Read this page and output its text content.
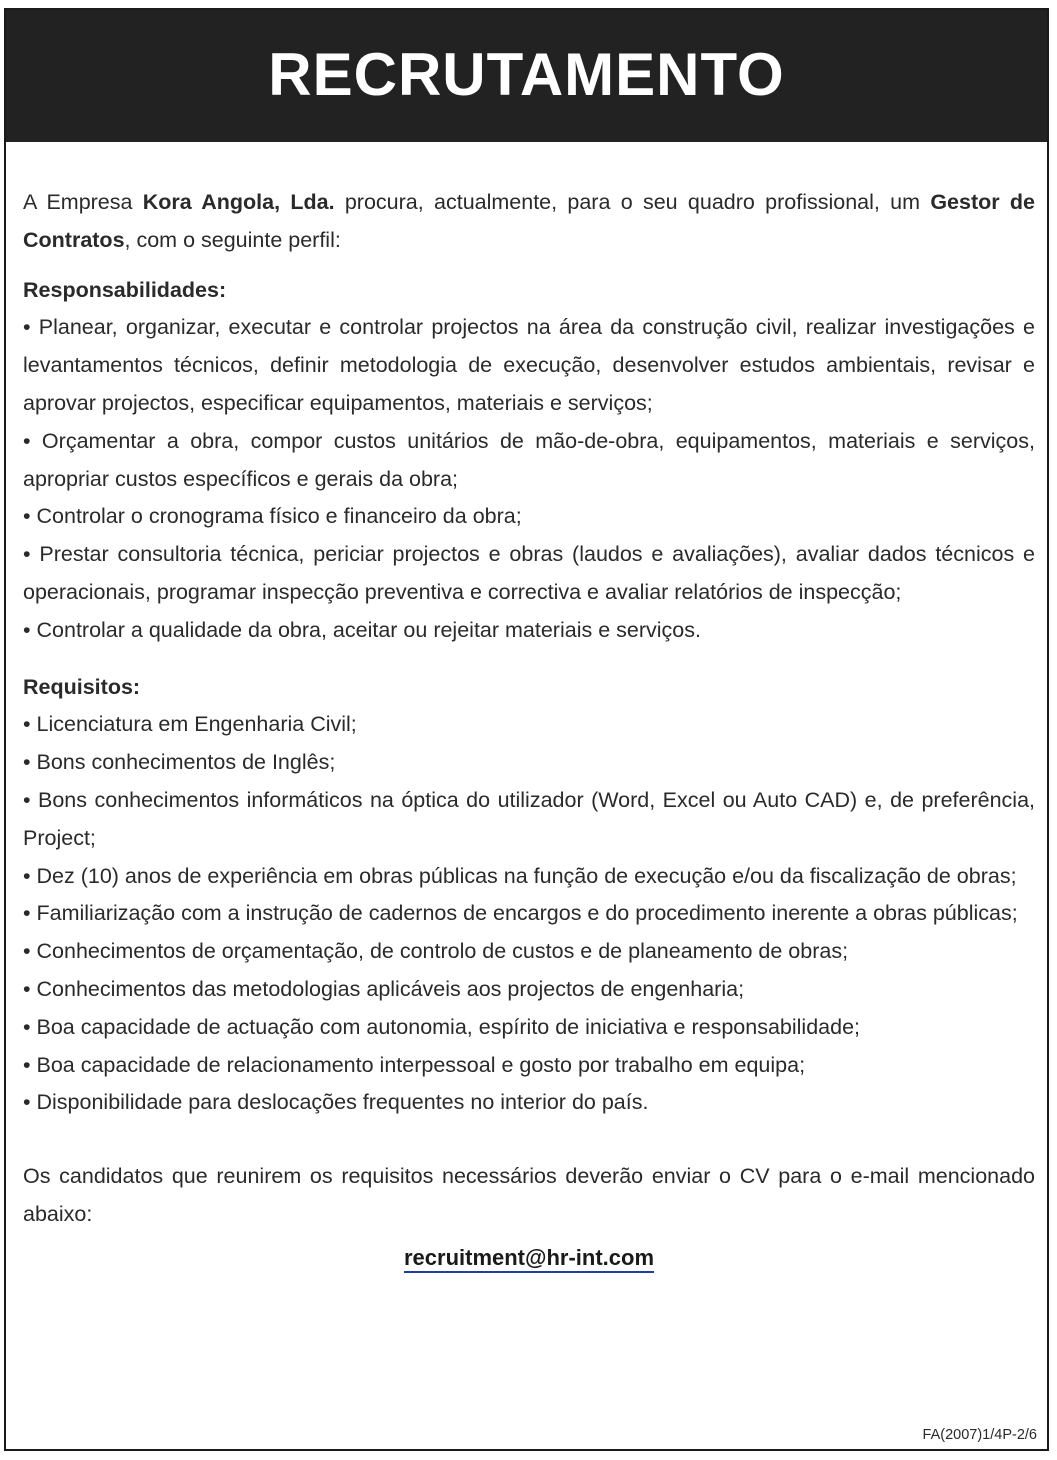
RECRUTAMENTO

A Empresa Kora Angola, Lda. procura, actualmente, para o seu quadro profissional, um Gestor de Contratos, com o seguinte perfil:

Responsabilidades:

• Planear, organizar, executar e controlar projectos na área da construção civil, realizar investigações e levantamentos técnicos, definir metodologia de execução, desenvolver estudos ambientais, revisar e aprovar projectos, especificar equipamentos, materiais e serviços;

• Orçamentar a obra, compor custos unitários de mão-de-obra, equipamentos, materiais e serviços, apropriar custos específicos e gerais da obra;

• Controlar o cronograma físico e financeiro da obra;

• Prestar consultoria técnica, periciar projectos e obras (laudos e avaliações), avaliar dados técnicos e operacionais, programar inspecção preventiva e correctiva e avaliar relatórios de inspecção;

• Controlar a qualidade da obra, aceitar ou rejeitar materiais e serviços.

Requisitos:

• Licenciatura em Engenharia Civil;

• Bons conhecimentos de Inglês;

• Bons conhecimentos informáticos na óptica do utilizador (Word, Excel ou Auto CAD) e, de preferência, Project;

• Dez (10) anos de experiência em obras públicas na função de execução e/ou da fiscalização de obras;

• Familiarização com a instrução de cadernos de encargos e do procedimento inerente a obras públicas;

• Conhecimentos de orçamentação, de controlo de custos e de planeamento de obras;

• Conhecimentos das metodologias aplicáveis aos projectos de engenharia;

• Boa capacidade de actuação com autonomia, espírito de iniciativa e responsabilidade;

• Boa capacidade de relacionamento interpessoal e gosto por trabalho em equipa;

• Disponibilidade para deslocações frequentes no interior do país.

Os candidatos que reunirem os requisitos necessários deverão enviar o CV para o e-mail mencionado abaixo:

recruitment@hr-int.com
FA(2007)1/4P-2/6
